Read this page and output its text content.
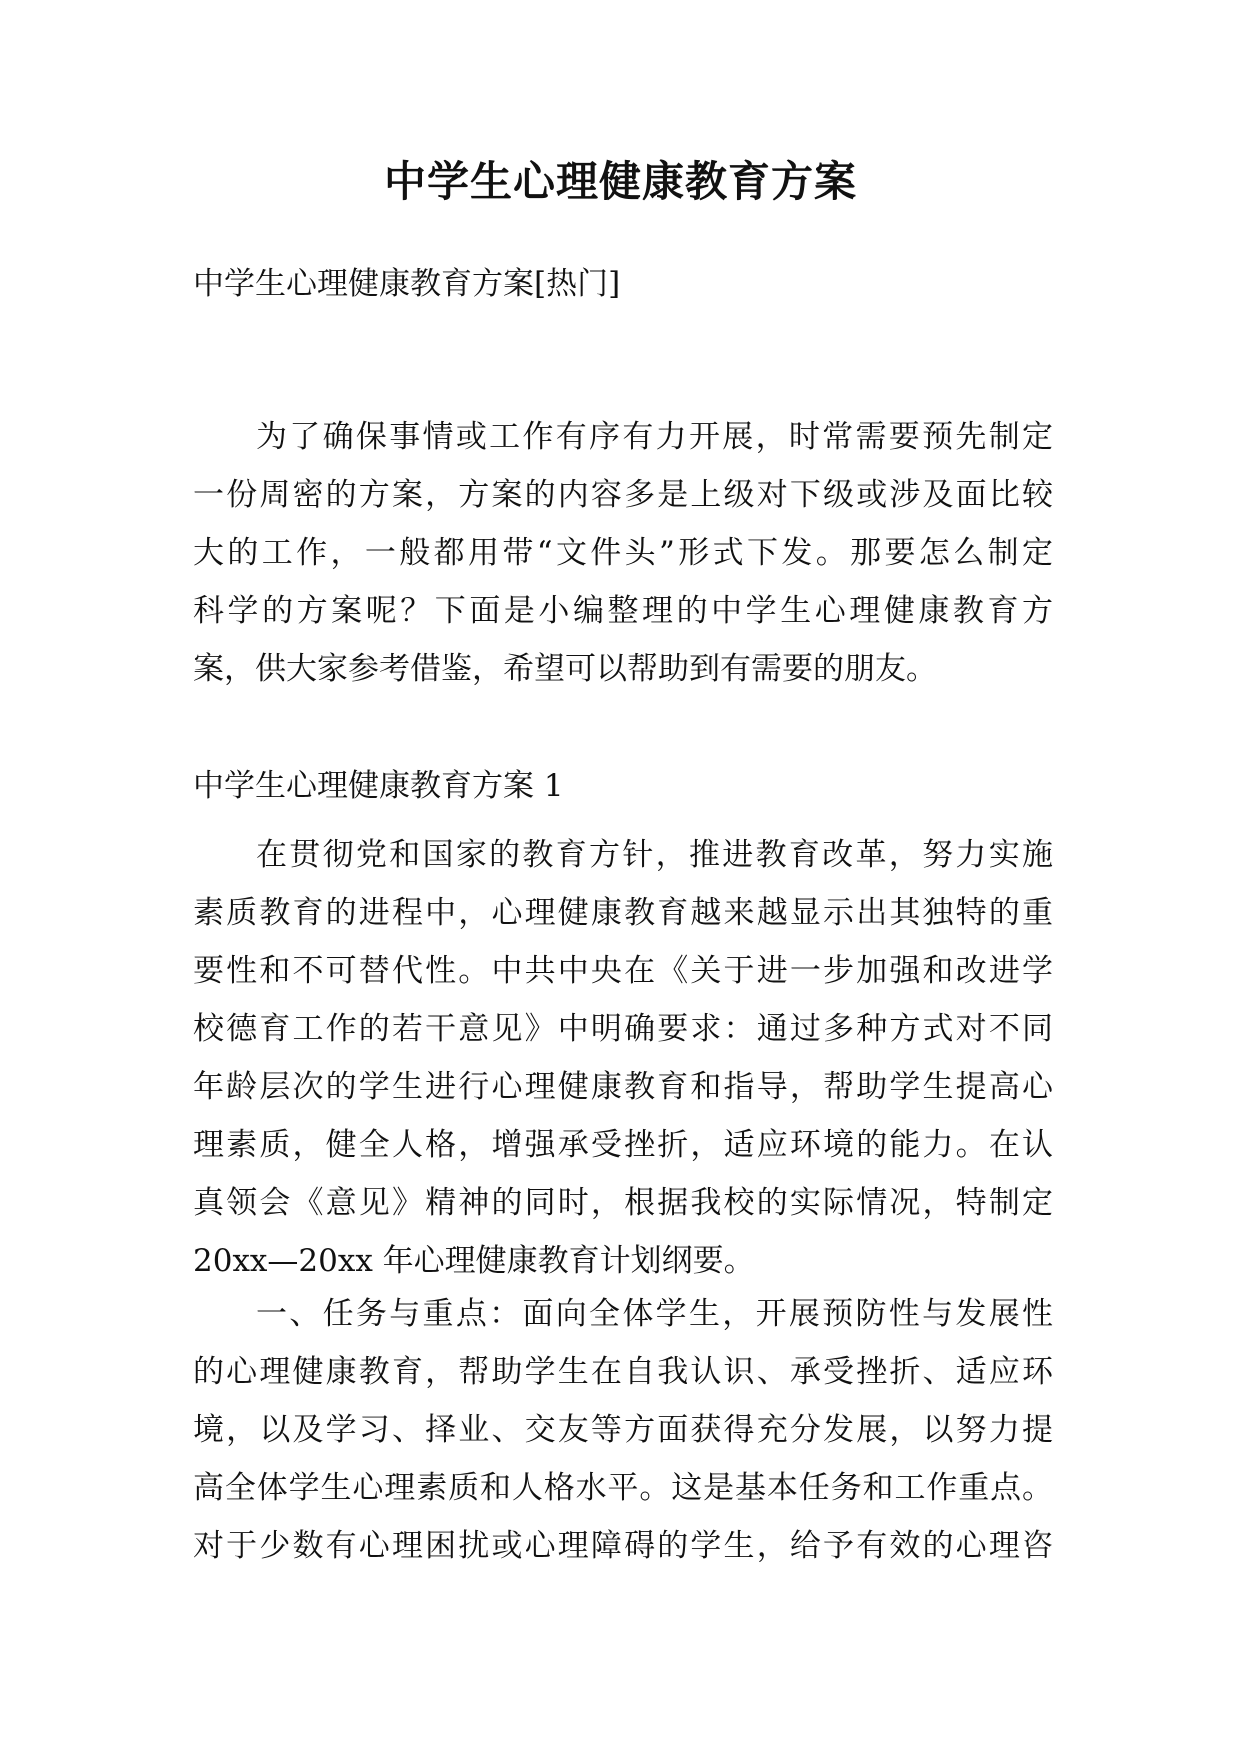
中学生心理健康教育方案
中学生心理健康教育方案[热门]
为了确保事情或工作有序有力开展，时常需要预先制定
一份周密的方案，方案的内容多是上级对下级或涉及面比较
大的工作，一般都用带“文件头”形式下发。那要怎么制定
科学的方案呢？下面是小编整理的中学生心理健康教育方
案，供大家参考借鉴，希望可以帮助到有需要的朋友。
中学生心理健康教育方案 1
在贯彻党和国家的教育方针，推进教育改革，努力实施
素质教育的进程中，心理健康教育越来越显示出其独特的重
要性和不可替代性。中共中央在《关于进一步加强和改进学
校德育工作的若干意见》中明确要求：通过多种方式对不同
年龄层次的学生进行心理健康教育和指导，帮助学生提高心
理素质，健全人格，增强承受挫折，适应环境的能力。在认
真领会《意见》精神的同时，根据我校的实际情况，特制定
20xx—20xx 年心理健康教育计划纲要。
一、任务与重点：面向全体学生，开展预防性与发展性
的心理健康教育，帮助学生在自我认识、承受挫折、适应环
境，以及学习、择业、交友等方面获得充分发展，以努力提
高全体学生心理素质和人格水平。这是基本任务和工作重点。
对于少数有心理困扰或心理障碍的学生，给予有效的心理咨
